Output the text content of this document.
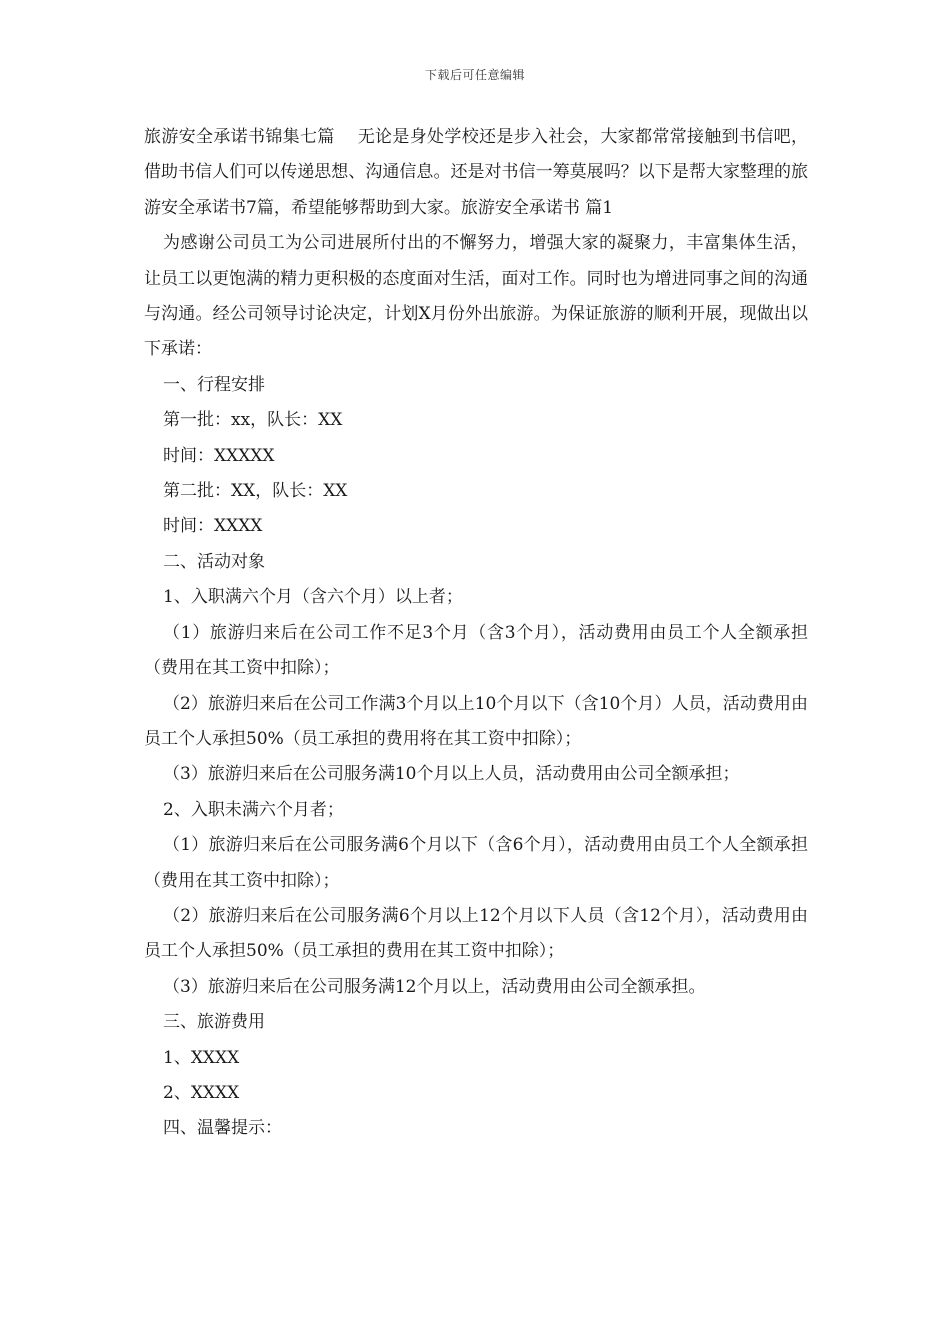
下载后可任意编辑

旅游安全承诺书锦集七篇　 无论是身处学校还是步入社会，大家都常常接触到书信吧，借助书信人们可以传递思想、沟通信息。还是对书信一筹莫展吗？以下是帮大家整理的旅游安全承诺书7篇，希望能够帮助到大家。旅游安全承诺书 篇1

为感谢公司员工为公司进展所付出的不懈努力，增强大家的凝聚力，丰富集体生活，让员工以更饱满的精力更积极的态度面对生活，面对工作。同时也为增进同事之间的沟通与沟通。经公司领导讨论决定，计划X月份外出旅游。为保证旅游的顺利开展，现做出以下承诺：

一、行程安排

第一批：xx，队长：XX

时间：XXXXX

第二批：XX，队长：XX

时间：XXXX

二、活动对象

1、入职满六个月（含六个月）以上者；

（1）旅游归来后在公司工作不足3个月（含3个月），活动费用由员工个人全额承担（费用在其工资中扣除）；

（2）旅游归来后在公司工作满3个月以上10个月以下（含10个月）人员，活动费用由员工个人承担50%（员工承担的费用将在其工资中扣除）；

（3）旅游归来后在公司服务满10个月以上人员，活动费用由公司全额承担；

2、入职未满六个月者；

（1）旅游归来后在公司服务满6个月以下（含6个月），活动费用由员工个人全额承担（费用在其工资中扣除）；

（2）旅游归来后在公司服务满6个月以上12个月以下人员（含12个月），活动费用由员工个人承担50%（员工承担的费用在其工资中扣除）；

（3）旅游归来后在公司服务满12个月以上，活动费用由公司全额承担。

三、旅游费用

1、XXXX

2、XXXX

四、温馨提示：
